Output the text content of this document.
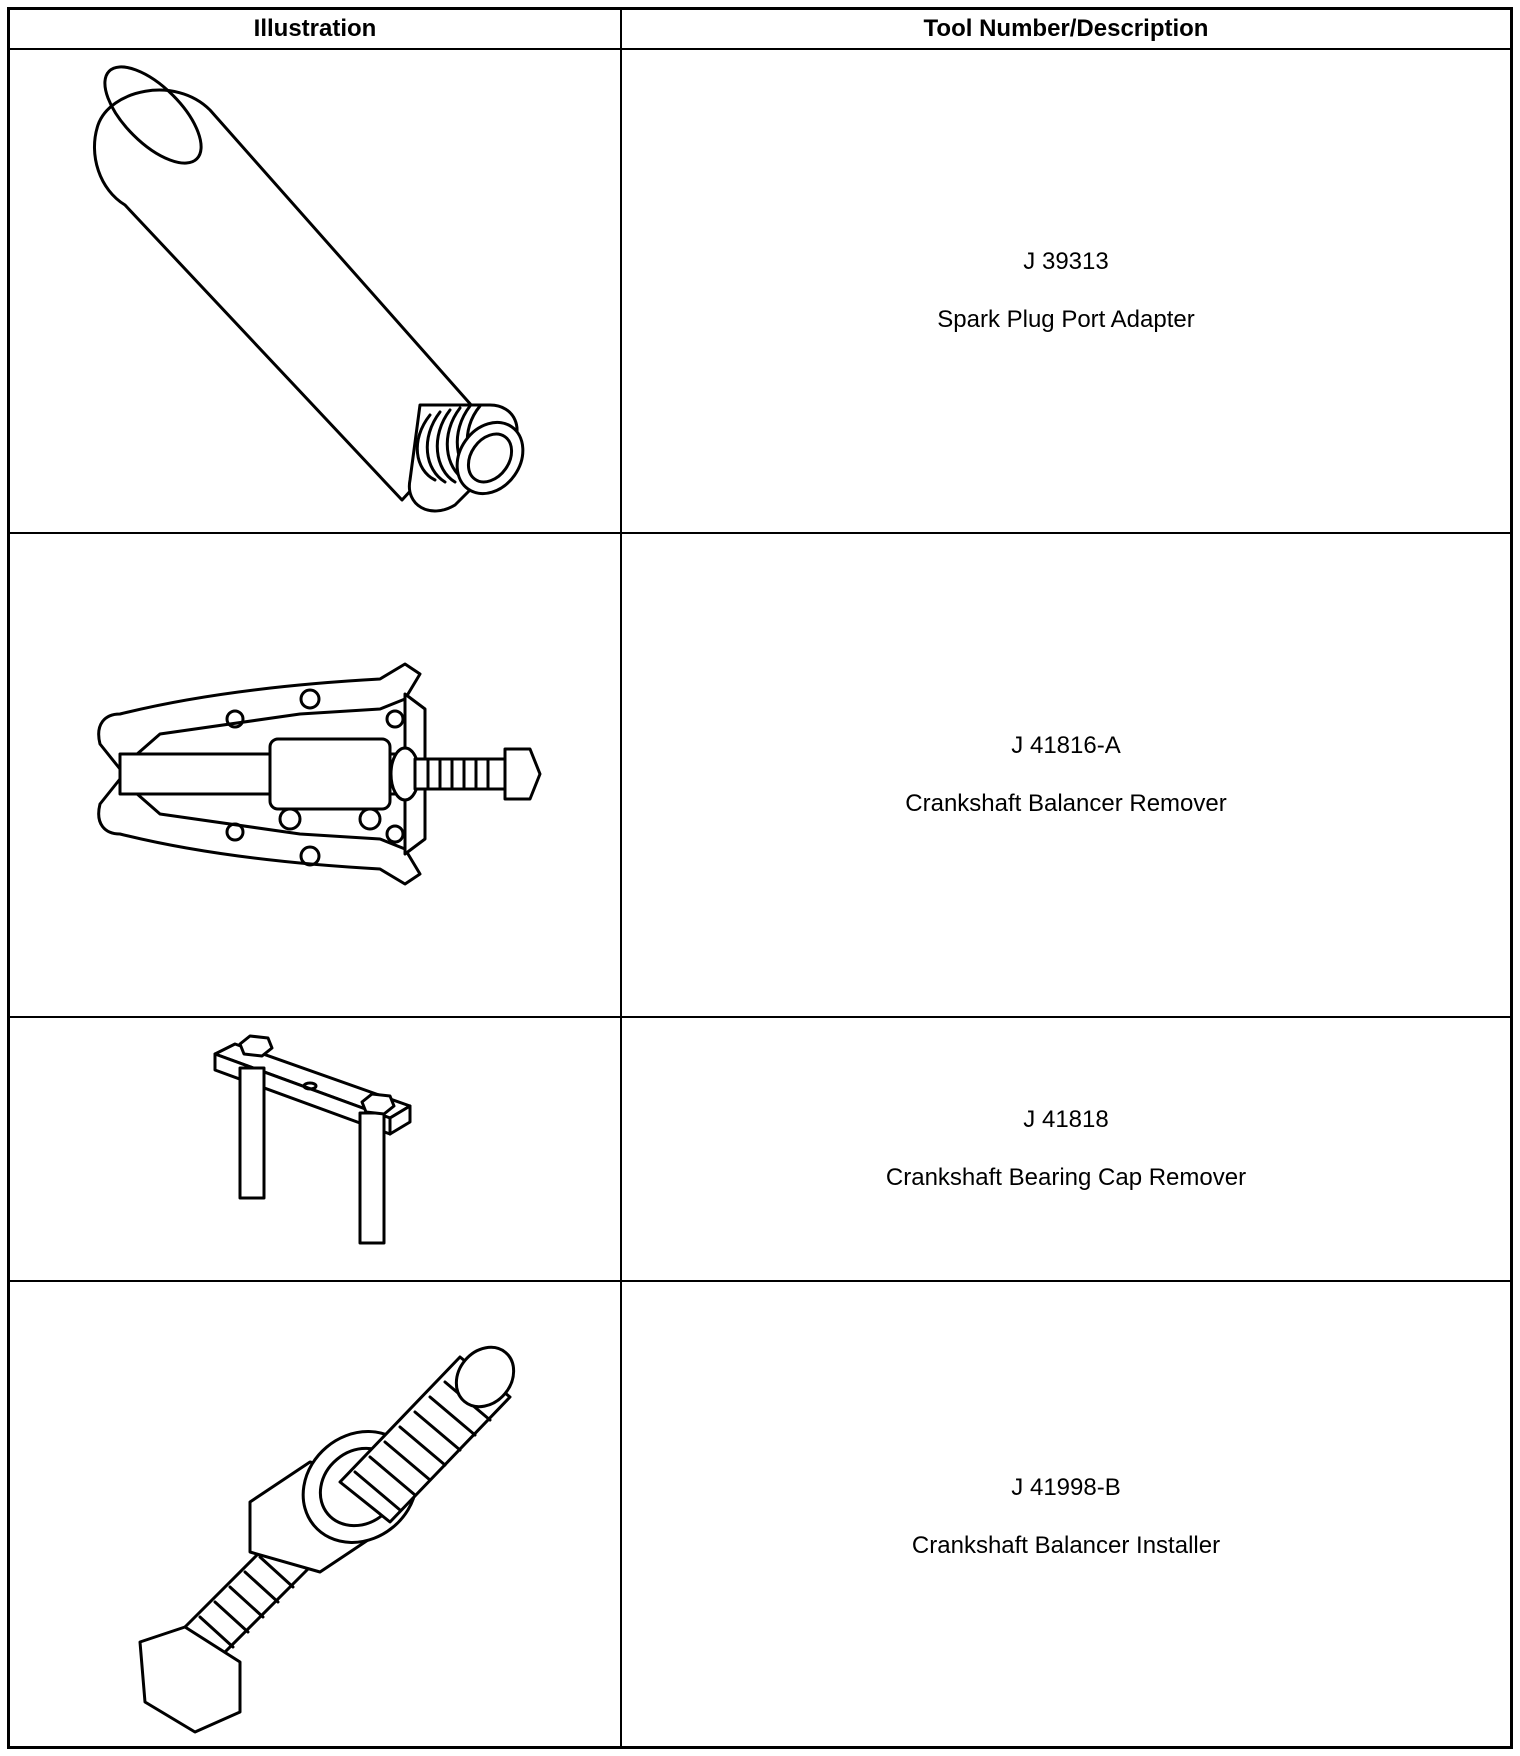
Illustration	Tool Number/Description
J 39313
Spark Plug Port Adapter
J 41816-A
Crankshaft Balancer Remover
J 41818
Crankshaft Bearing Cap Remover
J 41998-B
Crankshaft Balancer Installer
